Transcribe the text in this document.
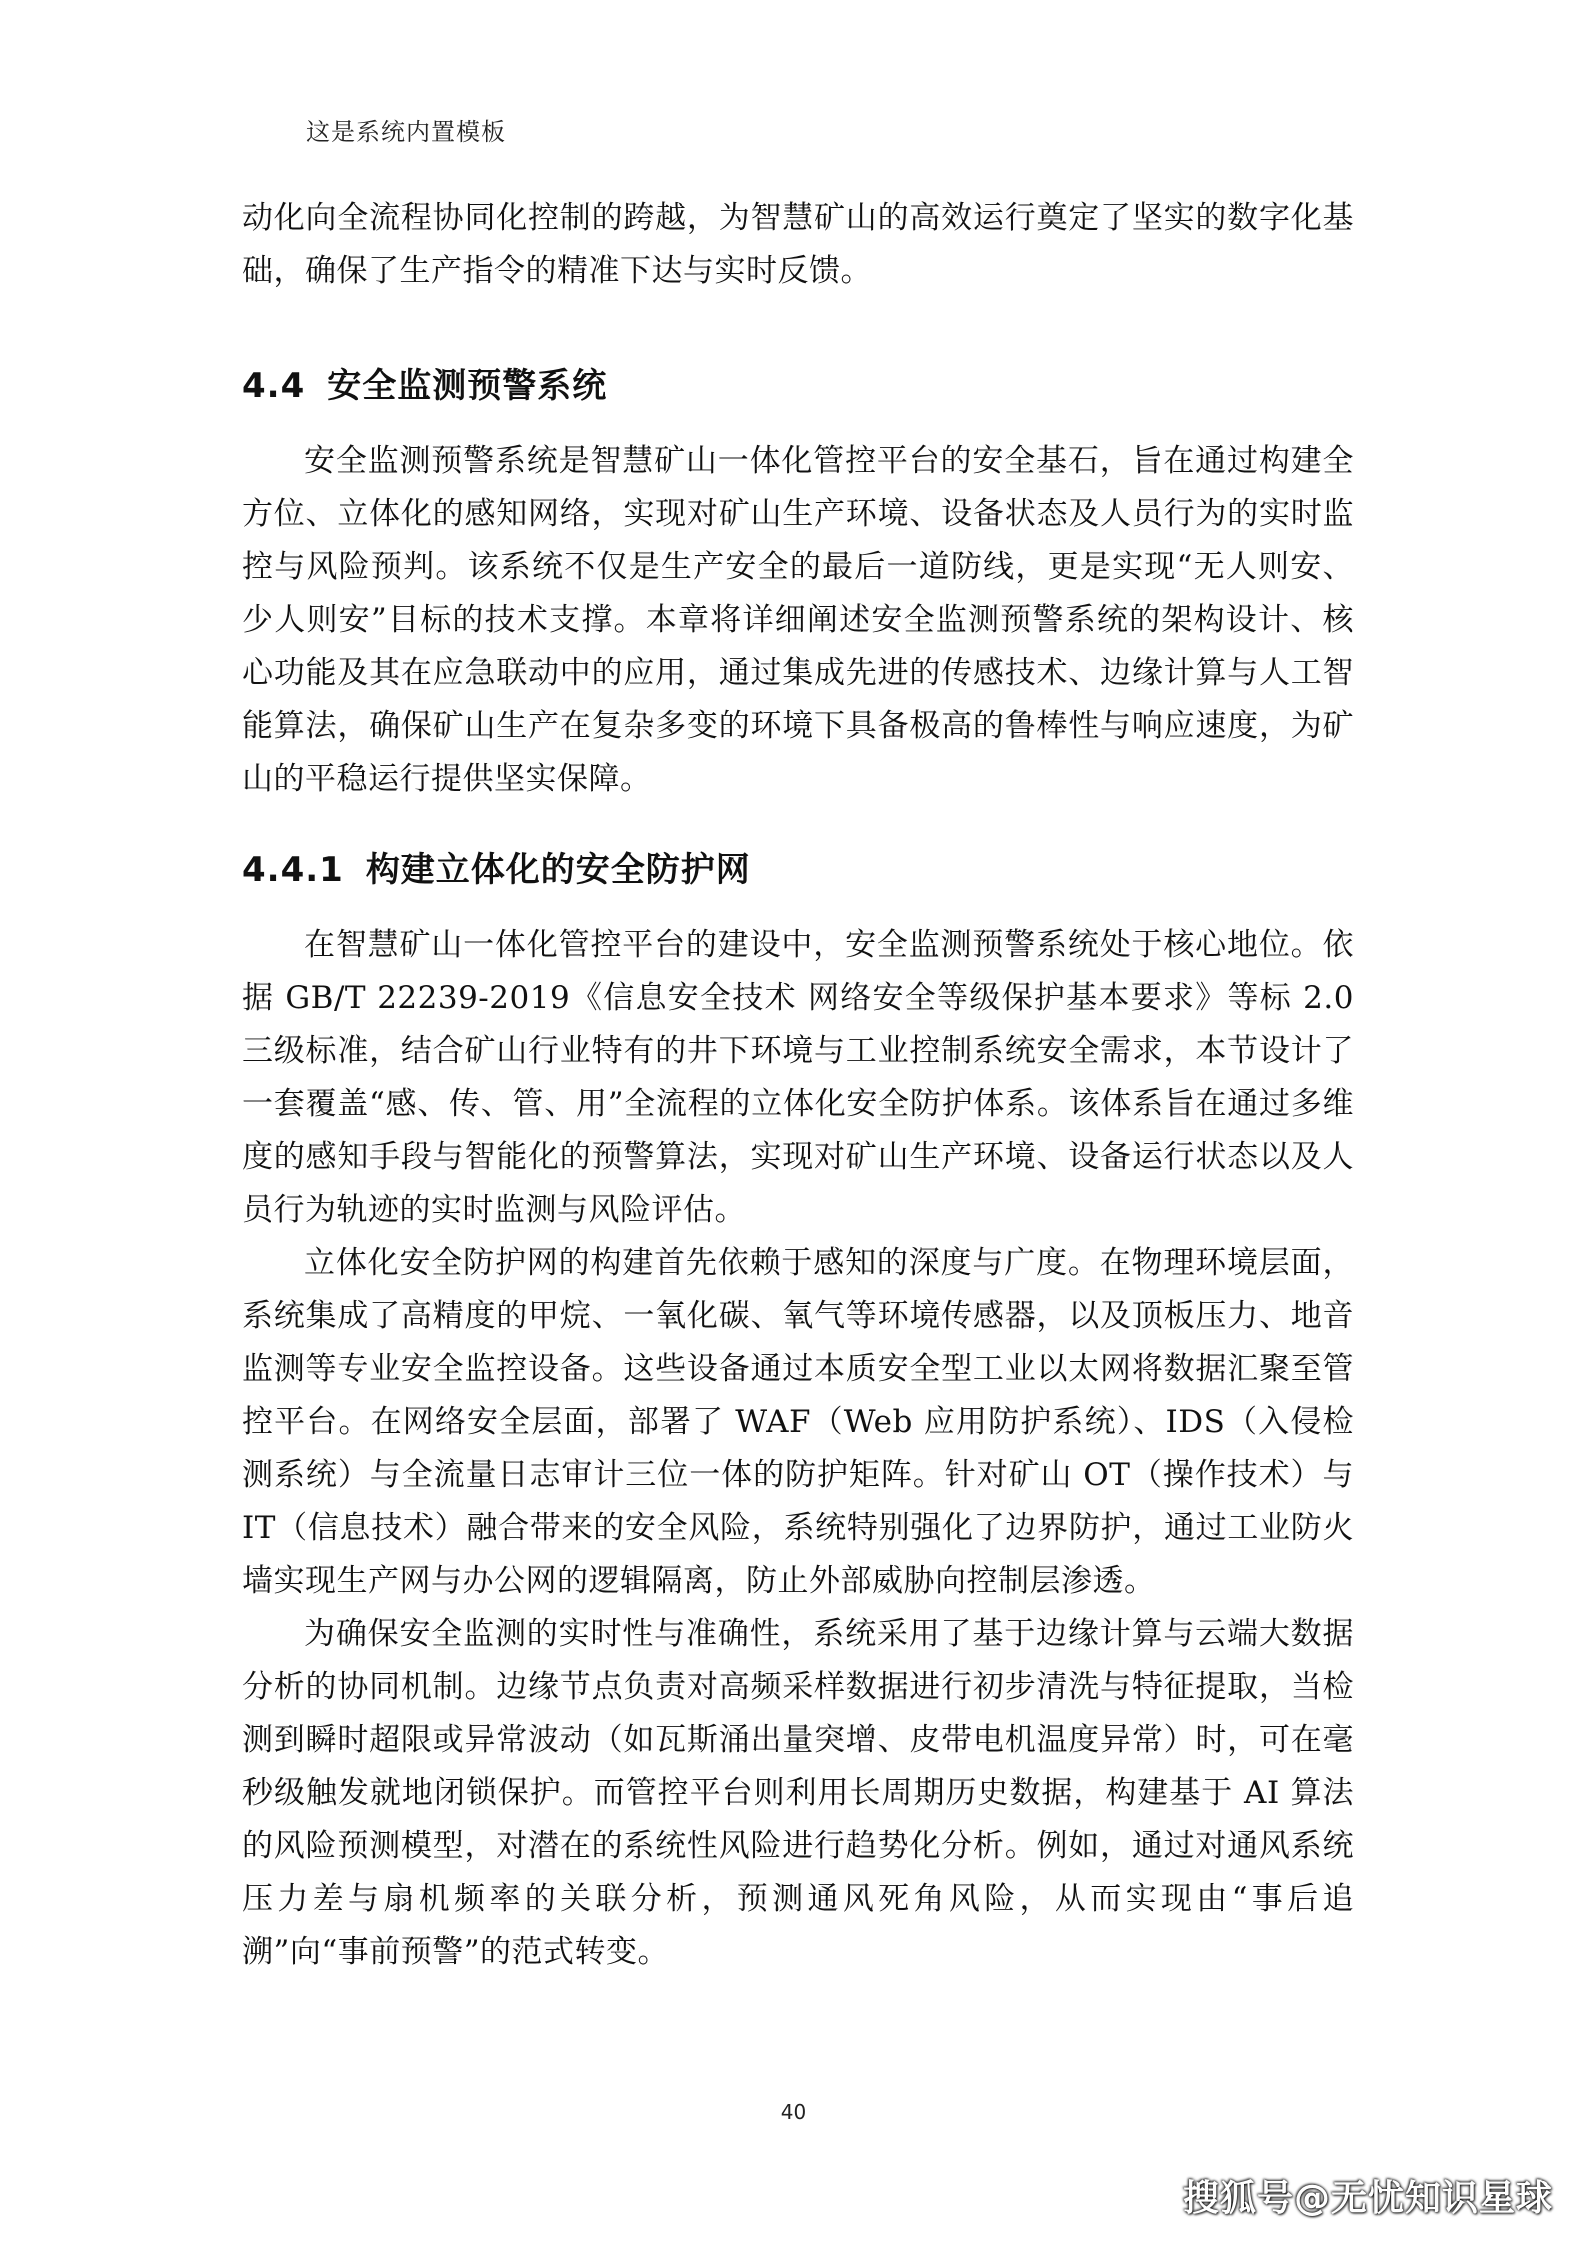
这是系统内置模板

动化向全流程协同化控制的跨越，为智慧矿山的高效运行奠定了坚实的数字化基础，确保了生产指令的精准下达与实时反馈。

4.4 安全监测预警系统

安全监测预警系统是智慧矿山一体化管控平台的安全基石，旨在通过构建全方位、立体化的感知网络，实现对矿山生产环境、设备状态及人员行为的实时监控与风险预判。该系统不仅是生产安全的最后一道防线，更是实现“无人则安、少人则安”目标的技术支撑。本章将详细阐述安全监测预警系统的架构设计、核心功能及其在应急联动中的应用，通过集成先进的传感技术、边缘计算与人工智能算法，确保矿山生产在复杂多变的环境下具备极高的鲁棒性与响应速度，为矿山的平稳运行提供坚实保障。

4.4.1 构建立体化的安全防护网

在智慧矿山一体化管控平台的建设中，安全监测预警系统处于核心地位。依据 GB/T 22239-2019《信息安全技术 网络安全等级保护基本要求》等标 2.0 三级标准，结合矿山行业特有的井下环境与工业控制系统安全需求，本节设计了一套覆盖“感、传、管、用”全流程的立体化安全防护体系。该体系旨在通过多维度的感知手段与智能化的预警算法，实现对矿山生产环境、设备运行状态以及人员行为轨迹的实时监测与风险评估。

立体化安全防护网的构建首先依赖于感知的深度与广度。在物理环境层面，系统集成了高精度的甲烷、一氧化碳、氧气等环境传感器，以及顶板压力、地音监测等专业安全监控设备。这些设备通过本质安全型工业以太网将数据汇聚至管控平台。在网络安全层面，部署了 WAF（Web 应用防护系统）、IDS（入侵检测系统）与全流量日志审计三位一体的防护矩阵。针对矿山 OT（操作技术）与 IT（信息技术）融合带来的安全风险，系统特别强化了边界防护，通过工业防火墙实现生产网与办公网的逻辑隔离，防止外部威胁向控制层渗透。

为确保安全监测的实时性与准确性，系统采用了基于边缘计算与云端大数据分析的协同机制。边缘节点负责对高频采样数据进行初步清洗与特征提取，当检测到瞬时超限或异常波动（如瓦斯涌出量突增、皮带电机温度异常）时，可在毫秒级触发就地闭锁保护。而管控平台则利用长周期历史数据，构建基于 AI 算法的风险预测模型，对潜在的系统性风险进行趋势化分析。例如，通过对通风系统压力差与扇机频率的关联分析，预测通风死角风险，从而实现由“事后追溯”向“事前预警”的范式转变。

40
搜狐号@无忧知识星球
